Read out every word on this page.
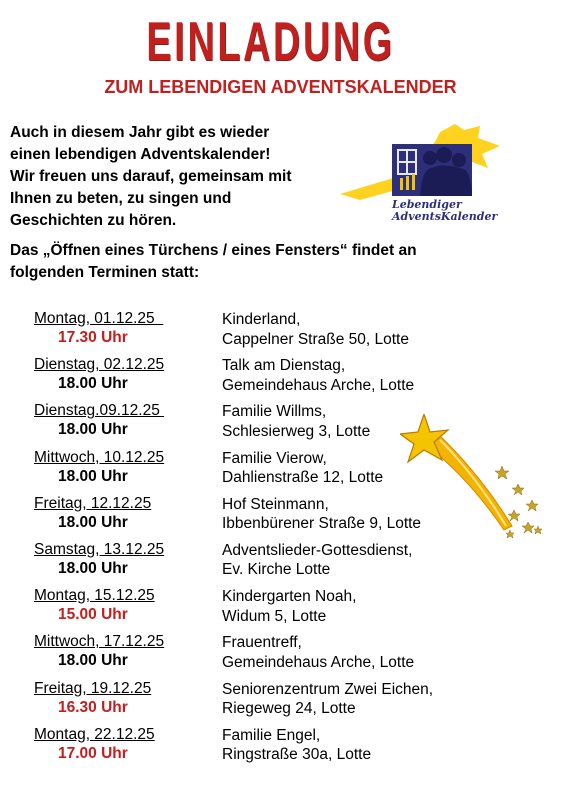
EINLADUNG
ZUM LEBENDIGEN ADVENTSKALENDER
Auch in diesem Jahr gibt es wieder
einen lebendigen Adventskalender!
Wir freuen uns darauf, gemeinsam mit
Ihnen zu beten, zu singen und
Geschichten zu hören.
Lebendiger
AdventsKalender
Das „Öffnen eines Türchens / eines Fensters“ findet an
folgenden Terminen statt:
Montag, 01.12.25
17.30 Uhr
Kinderland,
Cappelner Straße 50, Lotte
Dienstag, 02.12.25
18.00 Uhr
Talk am Dienstag,
Gemeindehaus Arche, Lotte
Dienstag.09.12.25
18.00 Uhr
Familie Willms,
Schlesierweg 3, Lotte
Mittwoch, 10.12.25
18.00 Uhr
Familie Vierow,
Dahlienstraße 12, Lotte
Freitag, 12.12.25
18.00 Uhr
Hof Steinmann,
Ibbenbürener Straße 9, Lotte
Samstag, 13.12.25
18.00 Uhr
Adventslieder-Gottesdienst,
Ev. Kirche Lotte
Montag, 15.12.25
15.00 Uhr
Kindergarten Noah,
Widum 5, Lotte
Mittwoch, 17.12.25
18.00 Uhr
Frauentreff,
Gemeindehaus Arche, Lotte
Freitag, 19.12.25
16.30 Uhr
Seniorenzentrum Zwei Eichen,
Riegeweg 24, Lotte
Montag, 22.12.25
17.00 Uhr
Familie Engel,
Ringstraße 30a, Lotte
